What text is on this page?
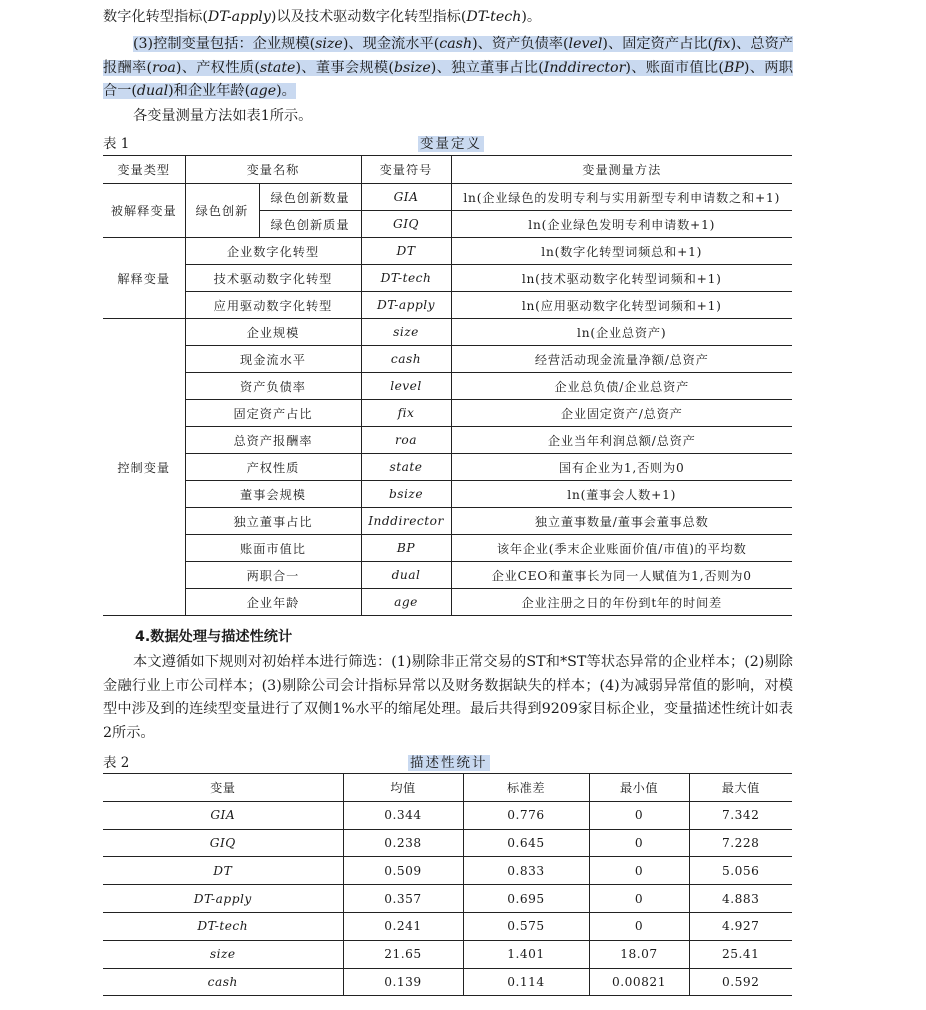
数字化转型指标(DT-apply)以及技术驱动数字化转型指标(DT-tech)。
(3)控制变量包括：企业规模(size)、现金流水平(cash)、资产负债率(level)、固定资产占比(fix)、总资产报酬率(roa)、产权性质(state)、董事会规模(bsize)、独立董事占比(Inddirector)、账面市值比(BP)、两职合一(dual)和企业年龄(age)。
各变量测量方法如表1所示。
表 1	变量定义
变量类型	变量名称		变量符号	变量测量方法
被解释变量	绿色创新	绿色创新数量	GIA	ln(企业绿色的发明专利与实用新型专利申请数之和+1)
		绿色创新质量	GIQ	ln(企业绿色发明专利申请数+1)
解释变量	企业数字化转型		DT	ln(数字化转型词频总和+1)
	技术驱动数字化转型		DT-tech	ln(技术驱动数字化转型词频和+1)
	应用驱动数字化转型		DT-apply	ln(应用驱动数字化转型词频和+1)
控制变量	企业规模		size	ln(企业总资产)
	现金流水平		cash	经营活动现金流量净额/总资产
	资产负债率		level	企业总负债/企业总资产
	固定资产占比		fix	企业固定资产/总资产
	总资产报酬率		roa	企业当年利润总额/总资产
	产权性质		state	国有企业为1,否则为0
	董事会规模		bsize	ln(董事会人数+1)
	独立董事占比		Inddirector	独立董事数量/董事会董事总数
	账面市值比		BP	该年企业(季末企业账面价值/市值)的平均数
	两职合一		dual	企业CEO和董事长为同一人赋值为1,否则为0
	企业年龄		age	企业注册之日的年份到t年的时间差
4.数据处理与描述性统计
本文遵循如下规则对初始样本进行筛选：(1)剔除非正常交易的ST和*ST等状态异常的企业样本；(2)剔除金融行业上市公司样本；(3)剔除公司会计指标异常以及财务数据缺失的样本；(4)为减弱异常值的影响，对模型中涉及到的连续型变量进行了双侧1%水平的缩尾处理。最后共得到9209家目标企业，变量描述性统计如表2所示。
表 2	描述性统计
变量	均值	标准差	最小值	最大值
GIA	0.344	0.776	0	7.342
GIQ	0.238	0.645	0	7.228
DT	0.509	0.833	0	5.056
DT-apply	0.357	0.695	0	4.883
DT-tech	0.241	0.575	0	4.927
size	21.65	1.401	18.07	25.41
cash	0.139	0.114	0.00821	0.592
